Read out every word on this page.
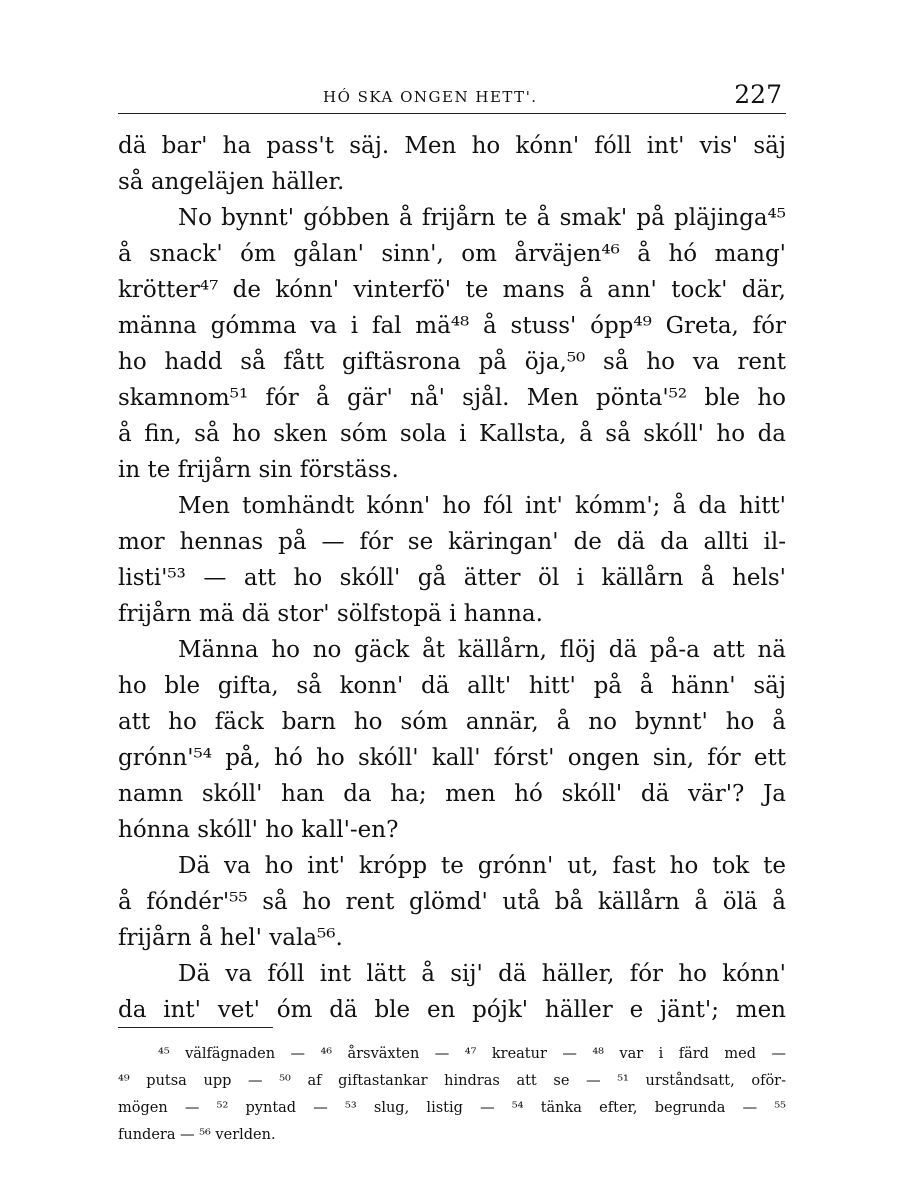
HÓ SKA ONGEN HETT'.	227
dä bar' ha pass't säj. Men ho kónn' fóll int' vis' säj
så angeläjen häller.
No bynnt' góbben å frijårn te å smak' på pläjinga⁴⁵
å snack' óm gålan' sinn', om årväjen⁴⁶ å hó mang'
krötter⁴⁷ de kónn' vinterfö' te mans å ann' tock' där,
männa gómma va i fal mä⁴⁸ å stuss' ópp⁴⁹ Greta, fór
ho hadd så fått giftäsrona på öja,⁵⁰ så ho va rent
skamnom⁵¹ fór å gär' nå' sjål. Men pönta'⁵² ble ho
å fin, så ho sken sóm sola i Kallsta, å så skóll' ho da
in te frijårn sin förstäss.
Men tomhändt kónn' ho fól int' kómm'; å da hitt'
mor hennas på — fór se käringan' de dä da allti il-
listi'⁵³ — att ho skóll' gå ätter öl i källårn å hels'
frijårn mä dä stor' sölfstopä i hanna.
Männa ho no gäck åt källårn, flöj dä på-a att nä
ho ble gifta, så konn' dä allt' hitt' på å hänn' säj
att ho fäck barn ho sóm annär, å no bynnt' ho å
grónn'⁵⁴ på, hó ho skóll' kall' fórst' ongen sin, fór ett
namn skóll' han da ha; men hó skóll' dä vär'? Ja
hónna skóll' ho kall'-en?
Dä va ho int' krópp te grónn' ut, fast ho tok te
å fóndér'⁵⁵ så ho rent glömd' utå bå källårn å ölä å
frijårn å hel' vala⁵⁶.
Dä va fóll int lätt å sij' dä häller, fór ho kónn'
da int' vet' óm dä ble en pójk' häller e jänt'; men
⁴⁵ välfägnaden — ⁴⁶ årsväxten — ⁴⁷ kreatur — ⁴⁸ var i färd med —
⁴⁹ putsa upp — ⁵⁰ af giftastankar hindras att se — ⁵¹ urståndsatt, oför-
mögen — ⁵² pyntad — ⁵³ slug, listig — ⁵⁴ tänka efter, begrunda — ⁵⁵
fundera — ⁵⁶ verlden.
